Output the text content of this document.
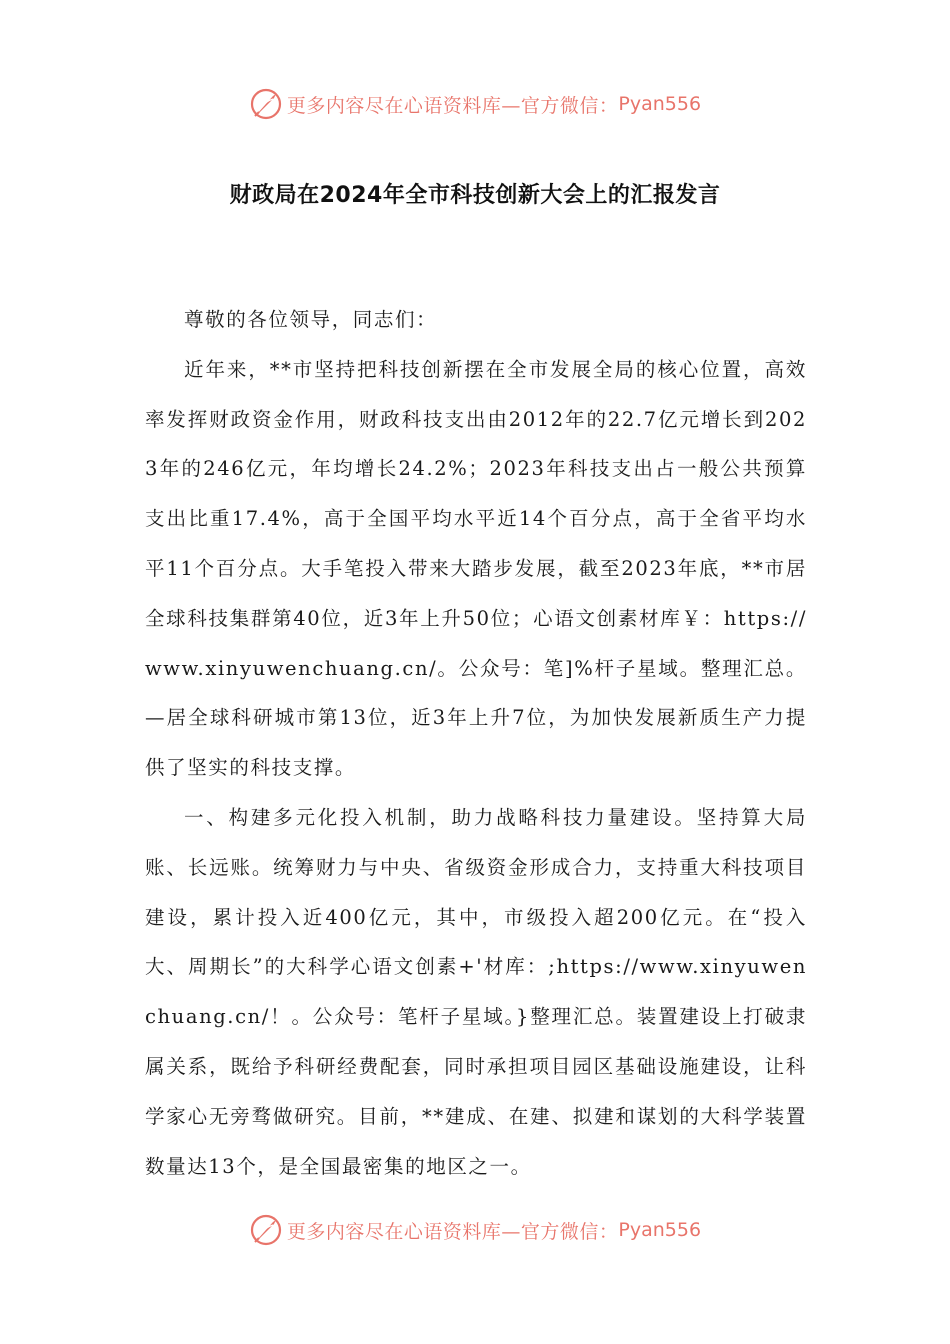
更多内容尽在心语资料库—官方微信： Pyan556
财政局在2024年全市科技创新大会上的汇报发言

尊敬的各位领导，同志们：

近年来，**市坚持把科技创新摆在全市发展全局的核心位置，高效率发挥财政资金作用，财政科技支出由2012年的22.7亿元增长到2023年的246亿元，年均增长24.2%；2023年科技支出占一般公共预算支出比重17.4%，高于全国平均水平近14个百分点，高于全省平均水平11个百分点。大手笔投入带来大踏步发展，截至2023年底，**市居全球科技集群第40位，近3年上升50位；心语文创素材库￥：https://www.xinyuwenchuang.cn/。公众号：笔]%杆子星域。整理汇总。—居全球科研城市第13位，近3年上升7位，为加快发展新质生产力提供了坚实的科技支撑。

一、构建多元化投入机制，助力战略科技力量建设。坚持算大局账、长远账。统筹财力与中央、省级资金形成合力，支持重大科技项目建设，累计投入近400亿元，其中，市级投入超200亿元。在“投入大、周期长”的大科学心语文创素+'材库：;https://www.xinyuwenchuang.cn/！。公众号：笔杆子星域。}整理汇总。装置建设上打破隶属关系，既给予科研经费配套，同时承担项目园区基础设施建设，让科学家心无旁骛做研究。目前，**建成、在建、拟建和谋划的大科学装置数量达13个，是全国最密集的地区之一。

更多内容尽在心语资料库—官方微信： Pyan556
